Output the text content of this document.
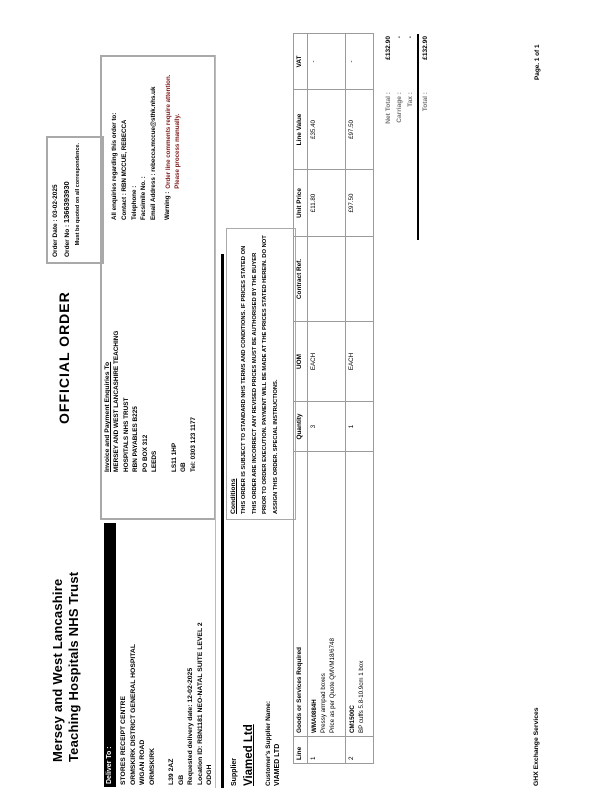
Mersey and West Lancashire Teaching Hospitals NHS Trust
OFFICIAL ORDER
Order Date : 03-02-2025
Order No : 1366393930 Must be quoted on all correspondence.
Deliver To :	STORES RECEIPT CENTRE ORMSKIRK DISTRICT GENERAL HOSPITAL WIGAN ROAD ORMSKIRK L39 2AZ GB Requested delivery date: 12-02-2025 Location ID: RBN1181 NEO-NATAL SUITE LEVEL 2 ODGH
Invoice and Payment Enquiries To MERSEY AND WEST LANCASHIRE TEACHING HOSPITALS NHS TRUST RBN PAYABLES B225 PO BOX 312 LEEDS LS11 1HP GB Tel: 0303 123 1177
All enquiries regarding this order to: Contact : RBN MCCUE, REBECCA Telephone : Facsimile No. : Email Address : rebecca.mccue@sthk.nhs.uk Warning :
Order line comments require attention. Please process manually.
Supplier Viamed Ltd Customer's Supplier Name: VIAMED LTD
Conditions THIS ORDER IS SUBJECT TO STANDARD NHS TERMS AND CONDITIONS. IF PRICES STATED ON THIS ORDER ARE INCORRECT ANY REVISED PRICES MUST BE AUTHORISED BY THE BUYER PRIOR TO ORDER EXECUTION. PAYMENT WILL BE MADE AT THE PRICES STATED HEREIN. DO NOT ASSIGN THIS ORDER. SPECIAL INSTRUCTIONS.
Line	Goods or Services Required	Quantity	UOM	Contract Ref.	Unit Price	Line Value	VAT
1	WMA0884H Pressy armpad boxes Price as per Quote QMVM18/6748	3	EACH		£11.80	£35.40	-
2	CM1500C BP cuffs 5.8-10.9cm 1 box	1	EACH		£97.50	£97.50	-
Net Total :
£132.90
Carriage :
-
Tax :
-
Total :
£132.90
GHX Exchange Services
Page. 1 of 1
